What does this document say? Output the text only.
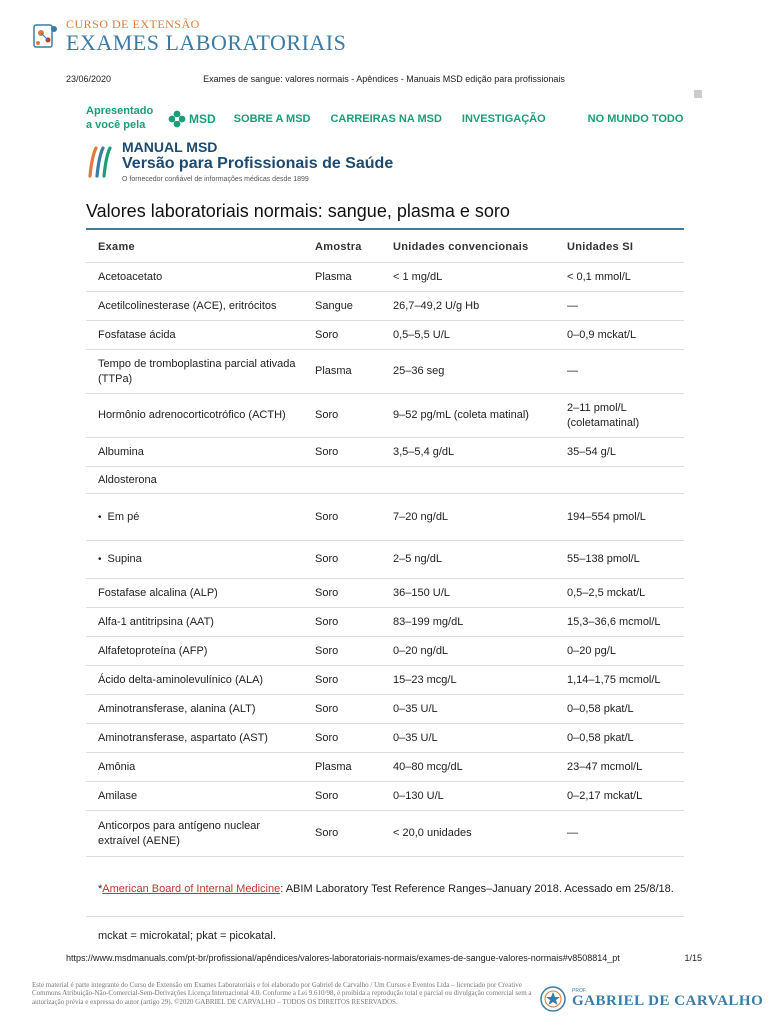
CURSO DE EXTENSÃO
EXAMES LABORATORIAIS
23/06/2020	Exames de sangue: valores normais - Apêndices - Manuais MSD edição para profissionais
Apresentado a você pela	MSD SOBRE A MSD CARREIRAS NA MSD INVESTIGAÇÃO	NO MUNDO TODO
MANUAL MSD
Versão para Profissionais de Saúde
O fornecedor confiável de informações médicas desde 1899
Valores laboratoriais normais: sangue, plasma e soro
Exame	Amostra	Unidades convencionais	Unidades SI
Acetoacetato	Plasma	< 1 mg/dL	< 0,1 mmol/L
Acetilcolinesterase (ACE), eritrócitos	Sangue	26,7–49,2 U/g Hb	—
Fosfatase ácida	Soro	0,5–5,5 U/L	0–0,9 mckat/L
Tempo de tromboplastina parcial ativada (TTPa)	Plasma	25–36 seg	—
Hormônio adrenocorticotrófico (ACTH)	Soro	9–52 pg/mL (coleta matinal)	2–11 pmol/L (coletamatinal)
Albumina	Soro	3,5–5,4 g/dL	35–54 g/L
Aldosterona			
• Em pé	Soro	7–20 ng/dL	194–554 pmol/L
• Supina	Soro	2–5 ng/dL	55–138 pmol/L
Fostafase alcalina (ALP)	Soro	36–150 U/L	0,5–2,5 mckat/L
Alfa-1 antitripsina (AAT)	Soro	83–199 mg/dL	15,3–36,6 mcmol/L
Alfafetoproteína (AFP)	Soro	0–20 ng/dL	0–20 pg/L
Ácido delta-aminolevulínico (ALA)	Soro	15–23 mcg/L	1,14–1,75 mcmol/L
Aminotransferase, alanina (ALT)	Soro	0–35 U/L	0–0,58 pkat/L
Aminotransferase, aspartato (AST)	Soro	0–35 U/L	0–0,58 pkat/L
Amônia	Plasma	40–80 mcg/dL	23–47 mcmol/L
Amilase	Soro	0–130 U/L	0–2,17 mckat/L
Anticorpos para antígeno nuclear extraível (AENE)	Soro	< 20,0 unidades	—
*American Board of Internal Medicine: ABIM Laboratory Test Reference Ranges–January 2018. Acessado em 25/8/18.
mckat = microkatal; pkat = picokatal.
https://www.msdmanuals.com/pt-br/profissional/apêndices/valores-laboratoriais-normais/exames-de-sangue-valores-normais#v8508814_pt	1/15
Este material é parte integrante do Curso de Extensão em Exames Laboratoriais e foi elaborado por Gabriel de Carvalho / Um Cursos e Eventos Ltda – licenciado por Creative Commons Atribuição-Não-Comercial-Sem-Derivações Licença Internacional 4.0. Conforme a Lei 9.610/98, é proibida a reprodução total e parcial ou divulgação comercial sem a autorização prévia e expressa do autor (artigo 29). ©2020 GABRIEL DE CARVALHO – TODOS OS DIREITOS RESERVADOS.
PROF.
GABRIEL DE CARVALHO
